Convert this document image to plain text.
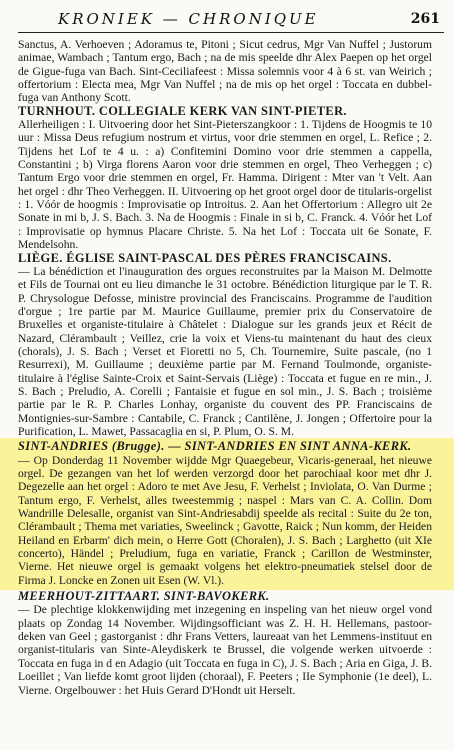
KRONIEK — CHRONIQUE	261

Sanctus, A. Verhoeven ; Adoramus te, Pitoni ; Sicut cedrus, Mgr Van Nuffel ; Justorum animae, Wambach ; Tantum ergo, Bach ; na de mis speelde dhr Alex Paepen op het orgel de Gigue-fuga van Bach. Sint-Ceciliafeest : Missa solemnis voor 4 à 6 st. van Weirich ; offertorium : Electa mea, Mgr Van Nuffel ; na de mis op het orgel : Toccata en dubbel-fuga van Anthony Scott.

TURNHOUT. COLLEGIALE KERK VAN SINT-PIETER.

Allerheiligen : I. Uitvoering door het Sint-Pieterszangkoor : 1. Tijdens de Hoogmis te 10 uur : Missa Deus refugium nostrum et virtus, voor drie stemmen en orgel, L. Refice ; 2. Tijdens het Lof te 4 u. : a) Confitemini Domino voor drie stemmen a cappella, Constantini ; b) Virga florens Aaron voor drie stemmen en orgel, Theo Verheggen ; c) Tantum Ergo voor drie stemmen en orgel, Fr. Hamma. Dirigent : Mter van 't Velt. Aan het orgel : dhr Theo Verheggen. II. Uitvoering op het groot orgel door de titularis-orgelist : 1. Vóór de hoogmis : Improvisatie op Introitus. 2. Aan het Offertorium : Allegro uit 2e Sonate in mi b, J. S. Bach. 3. Na de Hoogmis : Finale in si b, C. Franck. 4. Vóór het Lof : Improvisatie op hymnus Placare Christe. 5. Na het Lof : Toccata uit 6e Sonate, F. Mendelsohn.

LIÈGE. ÉGLISE SAINT-PASCAL DES PÈRES FRANCISCAINS.

— La bénédiction et l'inauguration des orgues reconstruites par la Maison M. Delmotte et Fils de Tournai ont eu lieu dimanche le 31 octobre. Bénédiction liturgique par le T. R. P. Chrysologue Defosse, ministre provincial des Franciscains. Programme de l'audition d'orgue ; 1re partie par M. Maurice Guillaume, premier prix du Conservatoire de Bruxelles et organiste-titulaire à Châtelet : Dialogue sur les grands jeux et Récit de Nazard, Clérambault ; Veillez, crie la voix et Viens-tu maintenant du haut des cieux (chorals), J. S. Bach ; Verset et Fioretti no 5, Ch. Tournemire, Suite pascale, (no 1 Resurrexi), M. Guillaume ; deuxième partie par M. Fernand Toulmonde, organiste-titulaire à l'église Sainte-Croix et Saint-Servais (Liège) : Toccata et fugue en re min., J. S. Bach ; Preludio, A. Corelli ; Fantaisie et fugue en sol min., J. S. Bach ; troisième partie par le R. P. Charles Lonhay, organiste du couvent des PP. Franciscains de Montignies-sur-Sambre : Cantabile, C. Franck ; Cantilène, J. Jongen ; Offertoire pour la Purification, L. Mawet, Passacaglia en si, P. Plum, O. S. M.

SINT-ANDRIES (Brugge). — SINT-ANDRIES EN SINT ANNA-KERK.

— Op Donderdag 11 November wijdde Mgr Quaegebeur, Vicaris-generaal, het nieuwe orgel. De gezangen van het lof werden verzorgd door het parochiaal koor met dhr J. Degezelle aan het orgel : Adoro te met Ave Jesu, F. Verhelst ; Inviolata, O. Van Durme ; Tantum ergo, F. Verhelst, alles tweestemmig ; naspel : Mars van C. A. Collin. Dom Wandrille Delesalle, organist van Sint-Andriesabdij speelde als recital : Suite du 2e ton, Clérambault ; Thema met variaties, Sweelinck ; Gavotte, Raick ; Nun komm, der Heiden Heiland en Erbarm' dich mein, o Herre Gott (Choralen), J. S. Bach ; Larghetto (uit XIe concerto), Händel ; Preludium, fuga en variatie, Franck ; Carillon de Westminster, Vierne. Het nieuwe orgel is gemaakt volgens het elektro-pneumatiek stelsel door de Firma J. Loncke en Zonen uit Esen (W. Vl.).

MEERHOUT-ZITTAART. SINT-BAVOKERK.

— De plechtige klokkenwijding met inzegening en inspeling van het nieuw orgel vond plaats op Zondag 14 November. Wijdingsofficiant was Z. H. H. Hellemans, pastoor-deken van Geel ; gastorganist : dhr Frans Vetters, laureaat van het Lemmens-instituut en organist-titularis van Sinte-Aleydiskerk te Brussel, die volgende werken uitvoerde : Toccata en fuga in d en Adagio (uit Toccata en fuga in C), J. S. Bach ; Aria en Giga, J. B. Loeillet ; Van liefde komt groot lijden (choraal), F. Peeters ; IIe Symphonie (1e deel), L. Vierne. Orgelbouwer : het Huis Gerard D'Hondt uit Herselt.
